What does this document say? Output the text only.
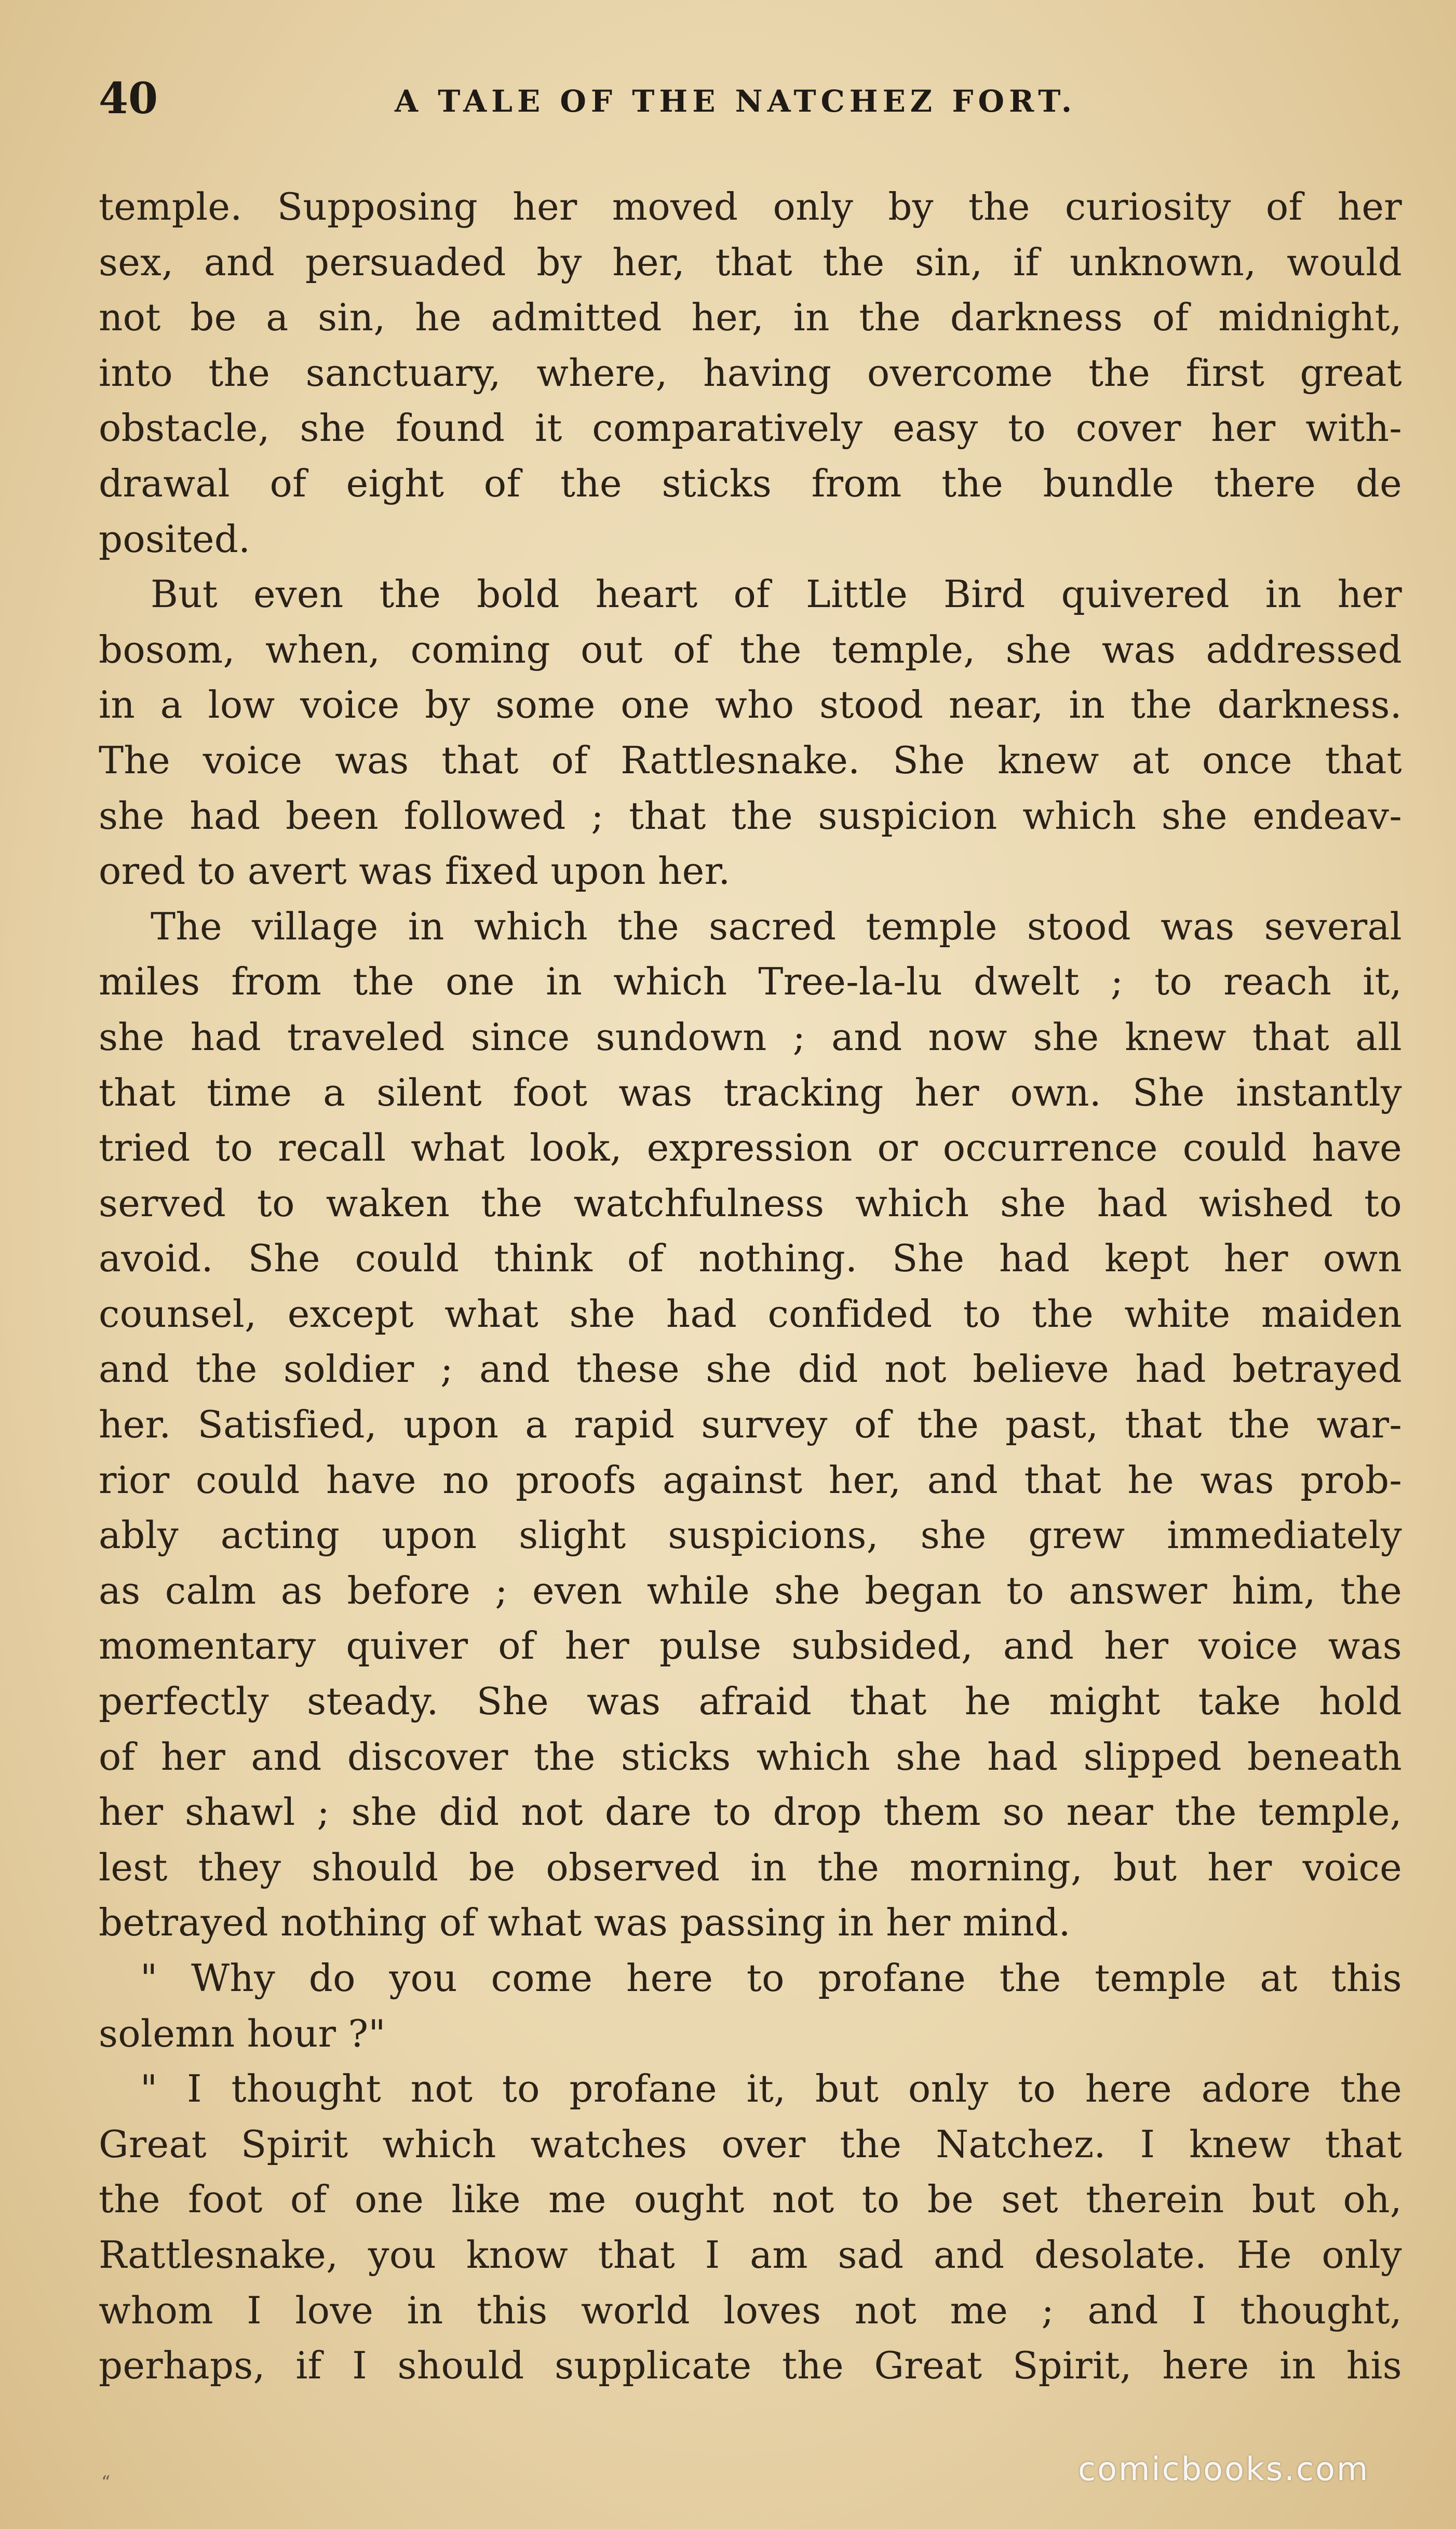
40	A TALE OF THE NATCHEZ FORT.
temple. Supposing her moved only by the curiosity of her
sex, and persuaded by her, that the sin, if unknown, would
not be a sin, he admitted her, in the darkness of midnight,
into the sanctuary, where, having overcome the first great
obstacle, she found it comparatively easy to cover her with-
drawal of eight of the sticks from the bundle there de
posited.
But even the bold heart of Little Bird quivered in her
bosom, when, coming out of the temple, she was addressed
in a low voice by some one who stood near, in the darkness.
The voice was that of Rattlesnake. She knew at once that
she had been followed ; that the suspicion which she endeav-
ored to avert was fixed upon her.
The village in which the sacred temple stood was several
miles from the one in which Tree-la-lu dwelt ; to reach it,
she had traveled since sundown ; and now she knew that all
that time a silent foot was tracking her own. She instantly
tried to recall what look, expression or occurrence could have
served to waken the watchfulness which she had wished to
avoid. She could think of nothing. She had kept her own
counsel, except what she had confided to the white maiden
and the soldier ; and these she did not believe had betrayed
her. Satisfied, upon a rapid survey of the past, that the war-
rior could have no proofs against her, and that he was prob-
ably acting upon slight suspicions, she grew immediately
as calm as before ; even while she began to answer him, the
momentary quiver of her pulse subsided, and her voice was
perfectly steady. She was afraid that he might take hold
of her and discover the sticks which she had slipped beneath
her shawl ; she did not dare to drop them so near the temple,
lest they should be observed in the morning, but her voice
betrayed nothing of what was passing in her mind.
" Why do you come here to profane the temple at this
solemn hour ?"
" I thought not to profane it, but only to here adore the
Great Spirit which watches over the Natchez. I knew that
the foot of one like me ought not to be set therein but oh,
Rattlesnake, you know that I am sad and desolate. He only
whom I love in this world loves not me ; and I thought,
perhaps, if I should supplicate the Great Spirit, here in his
“	comicbooks.com
